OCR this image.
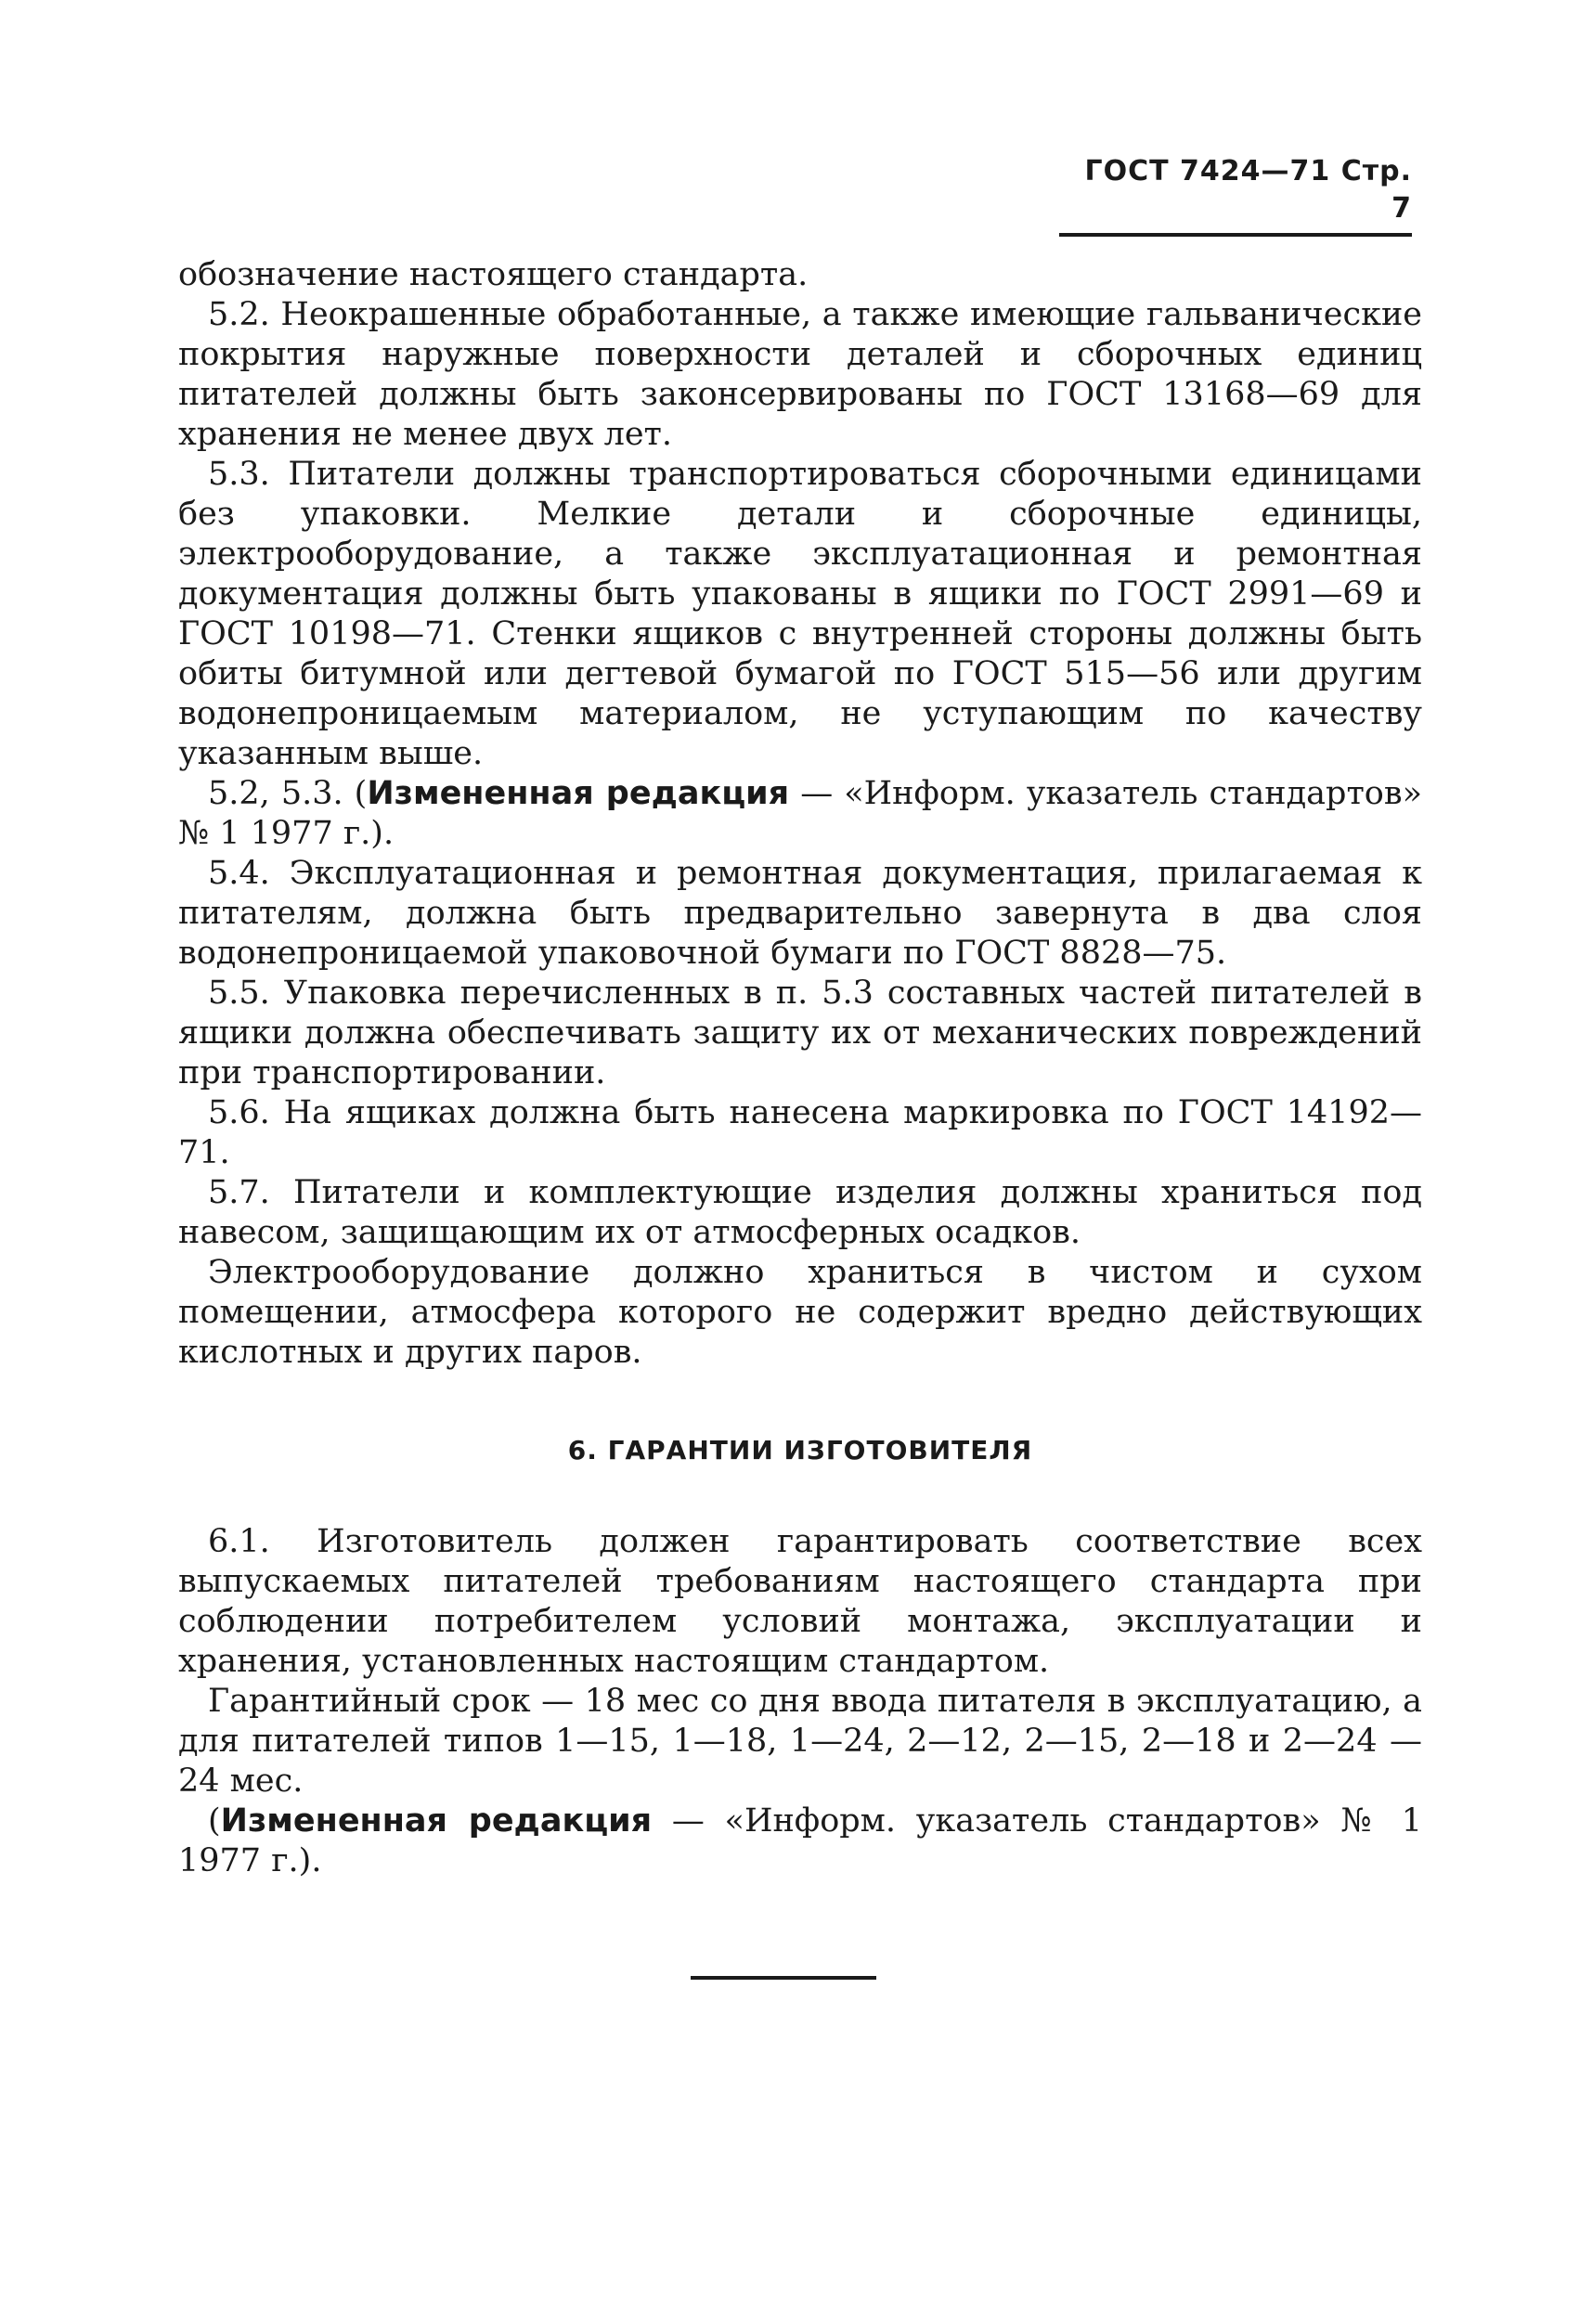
ГОСТ 7424—71 Стр. 7

обозначение настоящего стандарта.

5.2. Неокрашенные обработанные, а также имеющие гальванические покрытия наружные поверхности деталей и сборочных единиц питателей должны быть законсервированы по ГОСТ 13168—69 для хранения не менее двух лет.

5.3. Питатели должны транспортироваться сборочными единицами без упаковки. Мелкие детали и сборочные единицы, электрооборудование, а также эксплуатационная и ремонтная документация должны быть упакованы в ящики по ГОСТ 2991—69 и ГОСТ 10198—71. Стенки ящиков с внутренней стороны должны быть обиты битумной или дегтевой бумагой по ГОСТ 515—56 или другим водонепроницаемым материалом, не уступающим по качеству указанным выше.

5.2, 5.3. (Измененная редакция — «Информ. указатель стандартов» № 1 1977 г.).

5.4. Эксплуатационная и ремонтная документация, прилагаемая к питателям, должна быть предварительно завернута в два слоя водонепроницаемой упаковочной бумаги по ГОСТ 8828—75.

5.5. Упаковка перечисленных в п. 5.3 составных частей питателей в ящики должна обеспечивать защиту их от механических повреждений при транспортировании.

5.6. На ящиках должна быть нанесена маркировка по ГОСТ 14192—71.

5.7. Питатели и комплектующие изделия должны храниться под навесом, защищающим их от атмосферных осадков.

Электрооборудование должно храниться в чистом и сухом помещении, атмосфера которого не содержит вредно действующих кислотных и других паров.

6. ГАРАНТИИ ИЗГОТОВИТЕЛЯ

6.1. Изготовитель должен гарантировать соответствие всех выпускаемых питателей требованиям настоящего стандарта при соблюдении потребителем условий монтажа, эксплуатации и хранения, установленных настоящим стандартом.

Гарантийный срок — 18 мес со дня ввода питателя в эксплуатацию, а для питателей типов 1—15, 1—18, 1—24, 2—12, 2—15, 2—18 и 2—24 — 24 мес.

(Измененная редакция — «Информ. указатель стандартов» № 1 1977 г.).
